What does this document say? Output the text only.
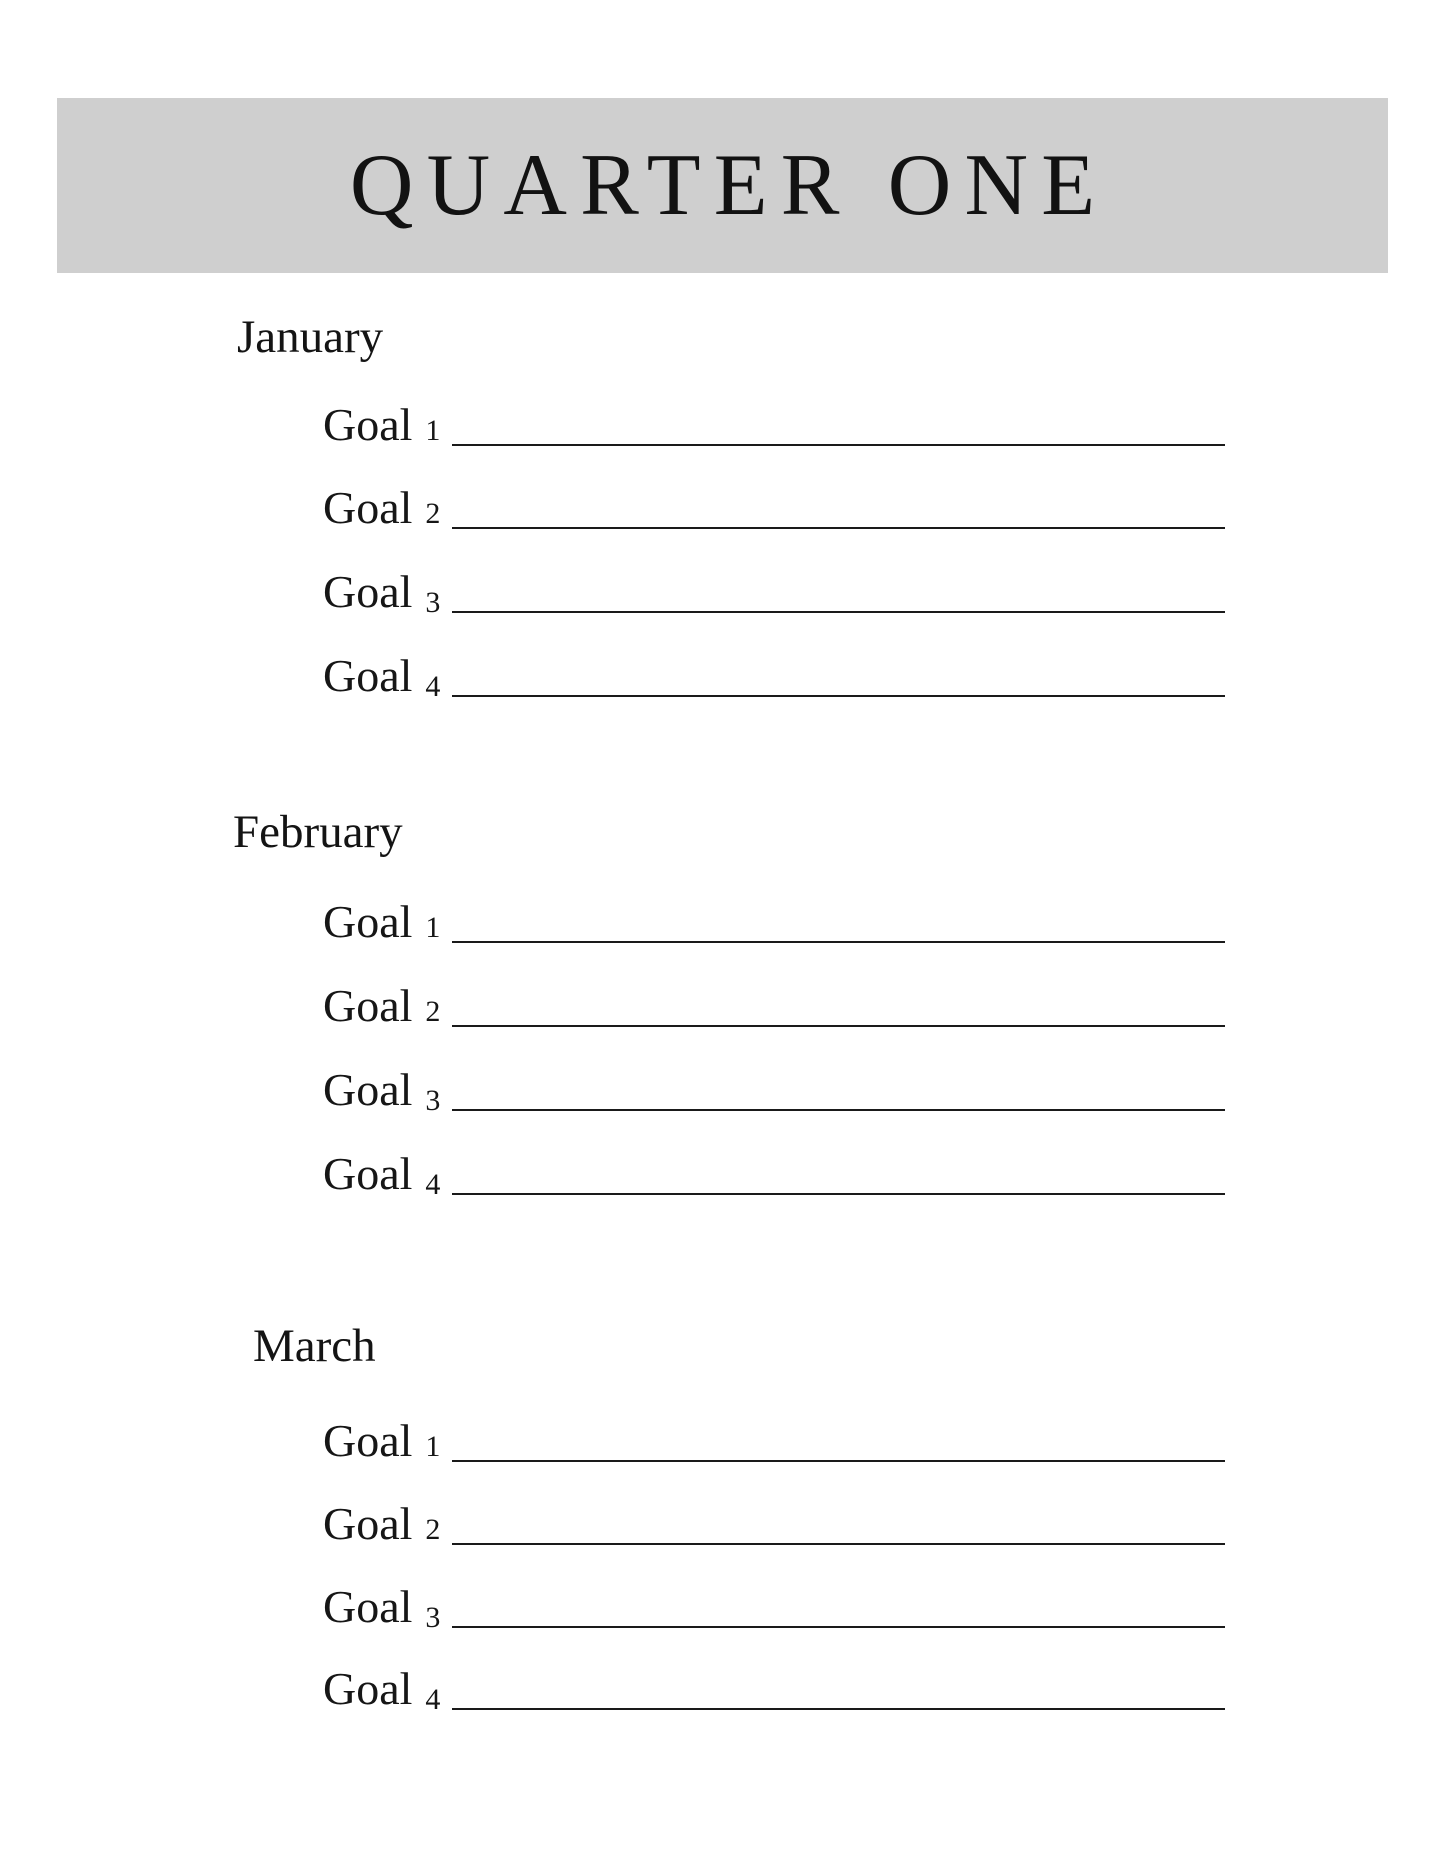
QUARTER ONE
January
Goal 1
Goal 2
Goal 3
Goal 4
February
Goal 1
Goal 2
Goal 3
Goal 4
March
Goal 1
Goal 2
Goal 3
Goal 4
